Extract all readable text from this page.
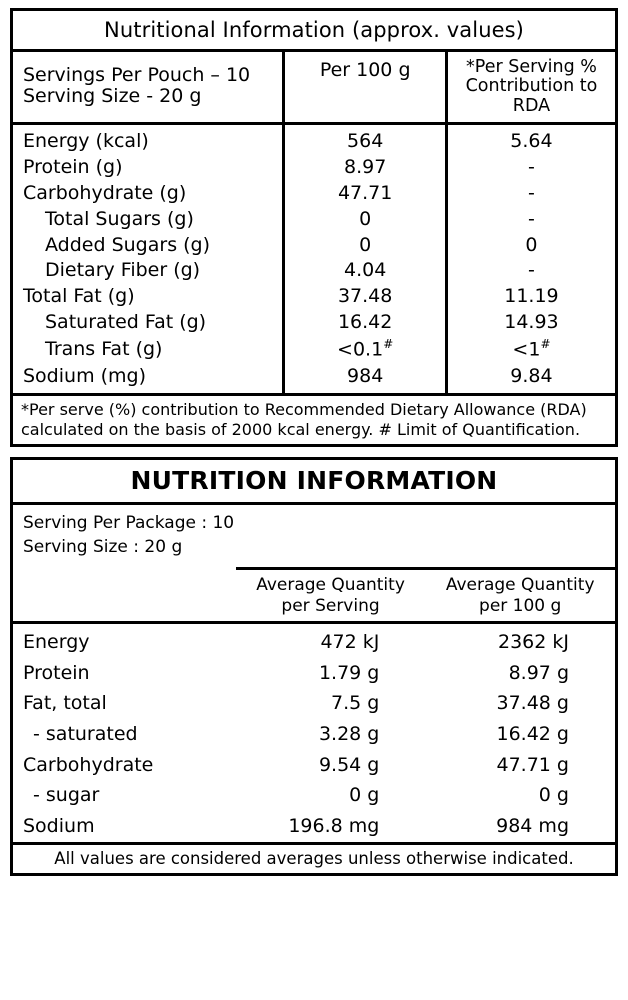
Nutritional Information (approx. values)
Servings Per Pouch – 10
Serving Size - 20 g
	Per 100 g	*Per Serving %
Contribution to
RDA

Energy (kcal)	564	5.64
Protein (g)	8.97	-
Carbohydrate (g)	47.71	-
Total Sugars (g)	0	-
Added Sugars (g)	0	0
Dietary Fiber (g)	4.04	-
Total Fat (g)	37.48	11.19
Saturated Fat (g)	16.42	14.93
Trans Fat (g)	<0.1#	<1#
Sodium (mg)	984	9.84
*Per serve (%) contribution to Recommended Dietary Allowance (RDA)
calculated on the basis of 2000 kcal energy. # Limit of Quantification.
NUTRITION INFORMATION
Serving Per Package : 10
Serving Size : 20 g

Average Quantity
per Serving

Average Quantity
per 100 g

Energy	472 kJ	2362 kJ
Protein	1.79 g	8.97 g
Fat, total	7.5 g	37.48 g
- saturated	3.28 g	16.42 g
Carbohydrate	9.54 g	47.71 g
- sugar	0 g	0 g
Sodium	196.8 mg	984 mg
All values are considered averages unless otherwise indicated.
